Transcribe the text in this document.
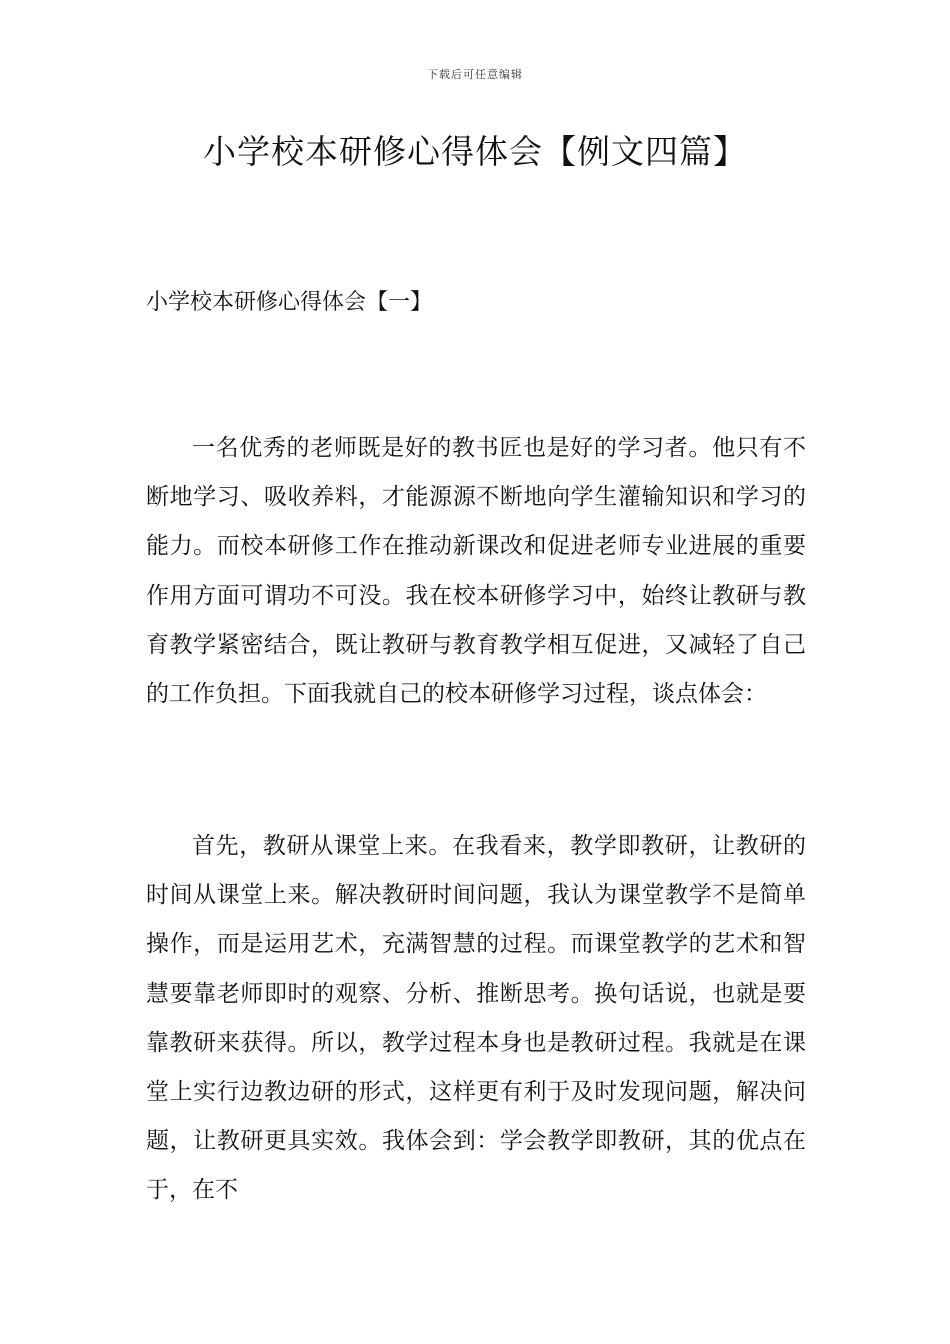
下载后可任意编辑
小学校本研修心得体会【例文四篇】
小学校本研修心得体会【一】

一名优秀的老师既是好的教书匠也是好的学习者。他只有不断地学习、吸收养料，才能源源不断地向学生灌输知识和学习的能力。而校本研修工作在推动新课改和促进老师专业进展的重要作用方面可谓功不可没。我在校本研修学习中，始终让教研与教育教学紧密结合，既让教研与教育教学相互促进，又减轻了自己的工作负担。下面我就自己的校本研修学习过程，谈点体会：

首先，教研从课堂上来。在我看来，教学即教研，让教研的时间从课堂上来。解决教研时间问题，我认为课堂教学不是简单操作，而是运用艺术，充满智慧的过程。而课堂教学的艺术和智慧要靠老师即时的观察、分析、推断思考。换句话说，也就是要靠教研来获得。所以，教学过程本身也是教研过程。我就是在课堂上实行边教边研的形式，这样更有利于及时发现问题，解决问题，让教研更具实效。我体会到：学会教学即教研，其的优点在于，在不
